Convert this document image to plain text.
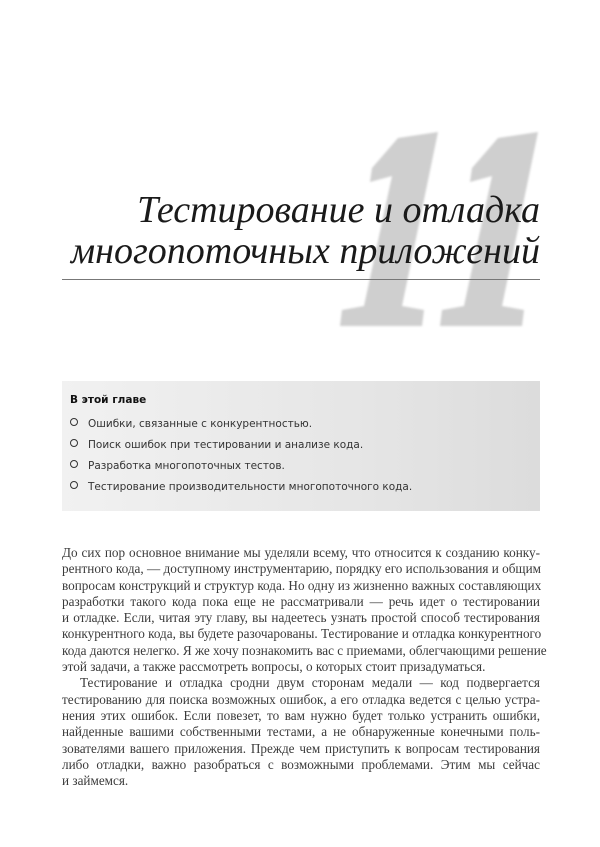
Тестирование и отладка
многопоточных приложений
В этой главе
Ошибки, связанные с конкурентностью.
Поиск ошибок при тестировании и анализе кода.
Разработка многопоточных тестов.
Тестирование производительности многопоточного кода.
До сих пор основное внимание мы уделяли всему, что относится к созданию конку-
рентного кода, — доступному инструментарию, порядку его использования и общим
вопросам конструкций и структур кода. Но одну из жизненно важных составляющих
разработки такого кода пока еще не рассматривали — речь идет о тестировании
и отладке. Если, читая эту главу, вы надеетесь узнать простой способ тестирования
конкурентного кода, вы будете разочарованы. Тестирование и отладка конкурентного
кода даются нелегко. Я же хочу познакомить вас с приемами, облегчающими решение
этой задачи, а также рассмотреть вопросы, о которых стоит призадуматься.
Тестирование и отладка сродни двум сторонам медали — код подвергается
тестированию для поиска возможных ошибок, а его отладка ведется с целью устра-
нения этих ошибок. Если повезет, то вам нужно будет только устранить ошибки,
найденные вашими собственными тестами, а не обнаруженные конечными поль-
зователями вашего приложения. Прежде чем приступить к вопросам тестирования
либо отладки, важно разобраться с возможными проблемами. Этим мы сейчас
и займемся.
